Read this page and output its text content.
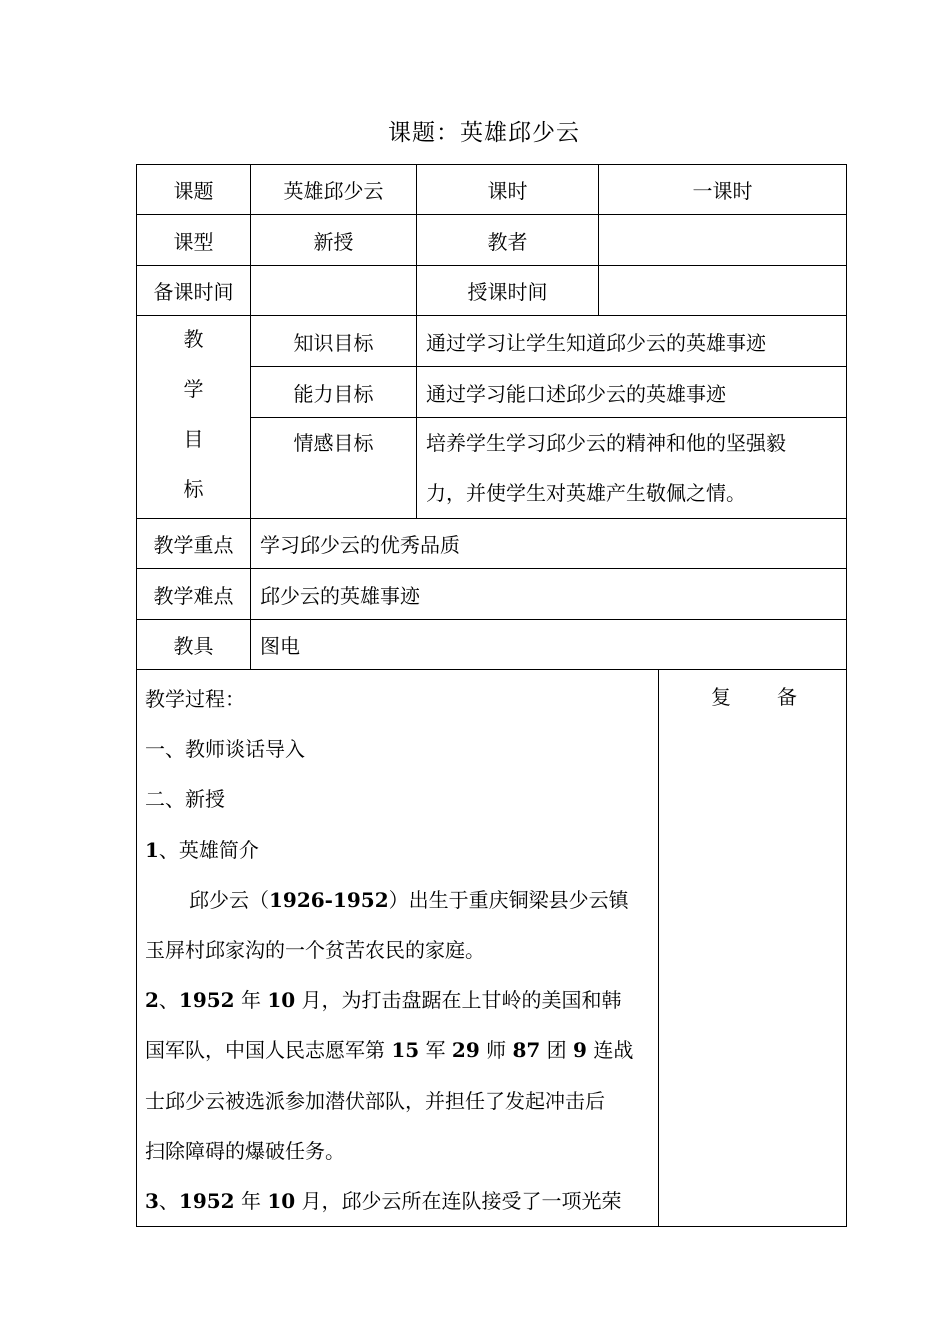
课题：英雄邱少云
课题	英雄邱少云	课时	一课时
课型	新授	教者	
备课时间		授课时间	

教
学
目
标	知识目标	通过学习让学生知道邱少云的英雄事迹	
	能力目标	通过学习能口述邱少云的英雄事迹	
	情感目标	培养学生学习邱少云的精神和他的坚强毅
力，并使学生对英雄产生敬佩之情。	

教学重点	学习邱少云的优秀品质		
教学难点	邱少云的英雄事迹		
教具	图电		

教学过程：

一、教师谈话导入

二、新授

1、英雄简介

邱少云（1926-1952）出生于重庆铜梁县少云镇

玉屏村邱家沟的一个贫苦农民的家庭。

2、1952 年 10 月，为打击盘踞在上甘岭的美国和韩

国军队，中国人民志愿军第 15 军 29 师 87 团 9 连战

士邱少云被选派参加潜伏部队，并担任了发起冲击后

扫除障碍的爆破任务。

3、1952 年 10 月，邱少云所在连队接受了一项光荣

	复 备
